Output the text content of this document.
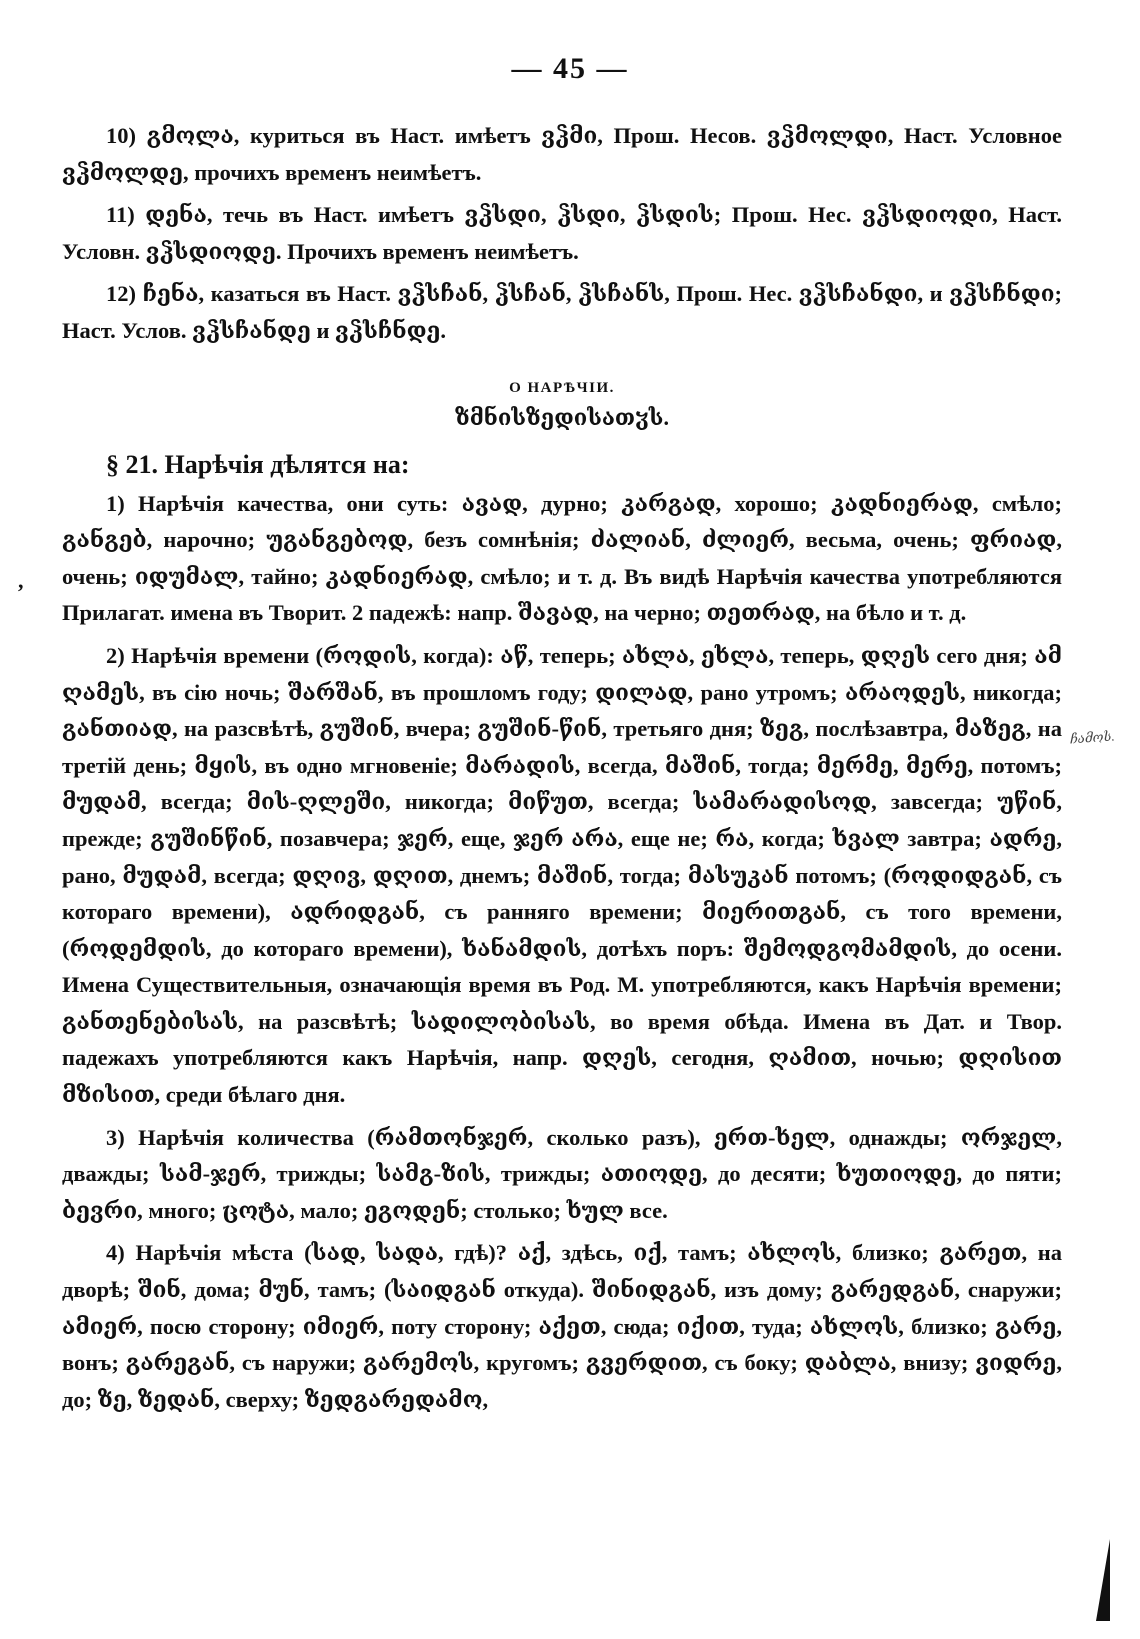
— 45 —

10) გმოლა, куриться въ Наст. имѣетъ ვჴმი, Прош. Несов. ვჴმოლდი, Наст. Условное ვჴმოლდე, прочихъ временъ неимѣетъ.

11) დენა, течь въ Наст. имѣетъ ვჴსდი, ჴსდი, ჴსდის; Прош. Нес. ვჴსდიოდი, Наст. Условн. ვჴსდიოდე. Прочихъ временъ неимѣетъ.

12) ჩენა, казаться въ Наст. ვჴსჩან, ჴსჩან, ჴსჩანს, Прош. Нес. ვჴსჩანდი, и ვჴსჩნდი; Наст. Услов. ვჴსჩანდე и ვჴსჩნდე.

О НАРѢЧІИ.
ზმნისზედისათჳს.

§ 21. Нарѣчія дѣлятся на:

1) Нарѣчія качества, они суть: ავად, дурно; კარგად, хорошо; კადნიერად, смѣло; განგებ, нарочно; უგანგებოდ, безъ сомнѣнія; ძალიან, ძლიერ, весьма, очень; ფრიად, очень; იდუმალ, тайно; კადნიერად, смѣло; и т. д. Въ видѣ Нарѣчія качества употребляются Прилагат. имена въ Творит. 2 падежѣ: напр. შავად, на черно; თეთრად, на бѣло и т. д.

2) Нарѣчія времени (როდის, когда): აწ, теперь; ახლა, ეხლა, теперь, დღეს сего дня; ამ ღამეს, въ сію ночь; შარშან, въ прошломъ году; დილად, рано утромъ; არაოდეს, никогда; განთიად, на разсвѣтѣ, გუშინ, вчера; გუშინ-წინ, третьяго дня; ზეგ, послѣзавтра, მაზეგ, на третій день; მყის, въ одно мгновеніе; მარადის, всегда, მაშინ, тогда; მერმე, მერე, потомъ; მუდამ, всегда; მის-ღლეში, никогда; მიწუთ, всегда; სამარადისოდ, завсегда; უწინ, прежде; გუშინწინ, позавчера; ჯერ, еще, ჯერ არა, еще не; რა, когда; ხვალ завтра; ადრე, рано, მუდამ, всегда; დღივ, დღით, днемъ; მაშინ, тогда; მასუკან потомъ; (როდიდგან, съ котораго времени), ადრიდგან, съ ранняго времени; მიერითგან, съ того времени, (როდემდის, до котораго времени), ხანამდის, дотѣхъ поръ: შემოდგომამდის, до осени. Имена Существительныя, означающія время въ Род. М. употребляются, какъ Нарѣчія времени; განთენებისას, на разсвѣтѣ; სადილობისას, во время обѣда. Имена въ Дат. и Твор. падежахъ употребляются какъ Нарѣчія, напр. დღეს, сегодня, ღამით, ночью; დღისით მზისით, среди бѣлаго дня.

3) Нарѣчія количества (რამთონჯერ, сколько разъ), ერთ-ხელ, однажды; ორჯელ, дважды; სამ-ჯერ, трижды; სამგ-ზის, трижды; ათიოდე, до десяти; ხუთიოდე, до пяти; ბევრი, много; ცოტა, мало; ეგოდენ; столько; ხულ все.

4) Нарѣчія мѣста (სად, სადა, гдѣ)? აქ, здѣсь, იქ, тамъ; ახლოს, близко; გარეთ, на дворѣ; შინ, дома; მუნ, тамъ; (საიდგან откуда). შინიდგან, изъ дому; გარედგან, снаружи; ამიერ, посю сторону; იმიერ, поту сторону; აქეთ, сюда; იქით, туда; ახლოს, близко; გარე, вонъ; გარეგან, съ наружи; გარემოს, кругомъ; გვერდით, съ боку; დაბლა, внизу; ვიდრე, до; ზე, ზედან, сверху; ზედგარედამო,

ჩამოს.
,
